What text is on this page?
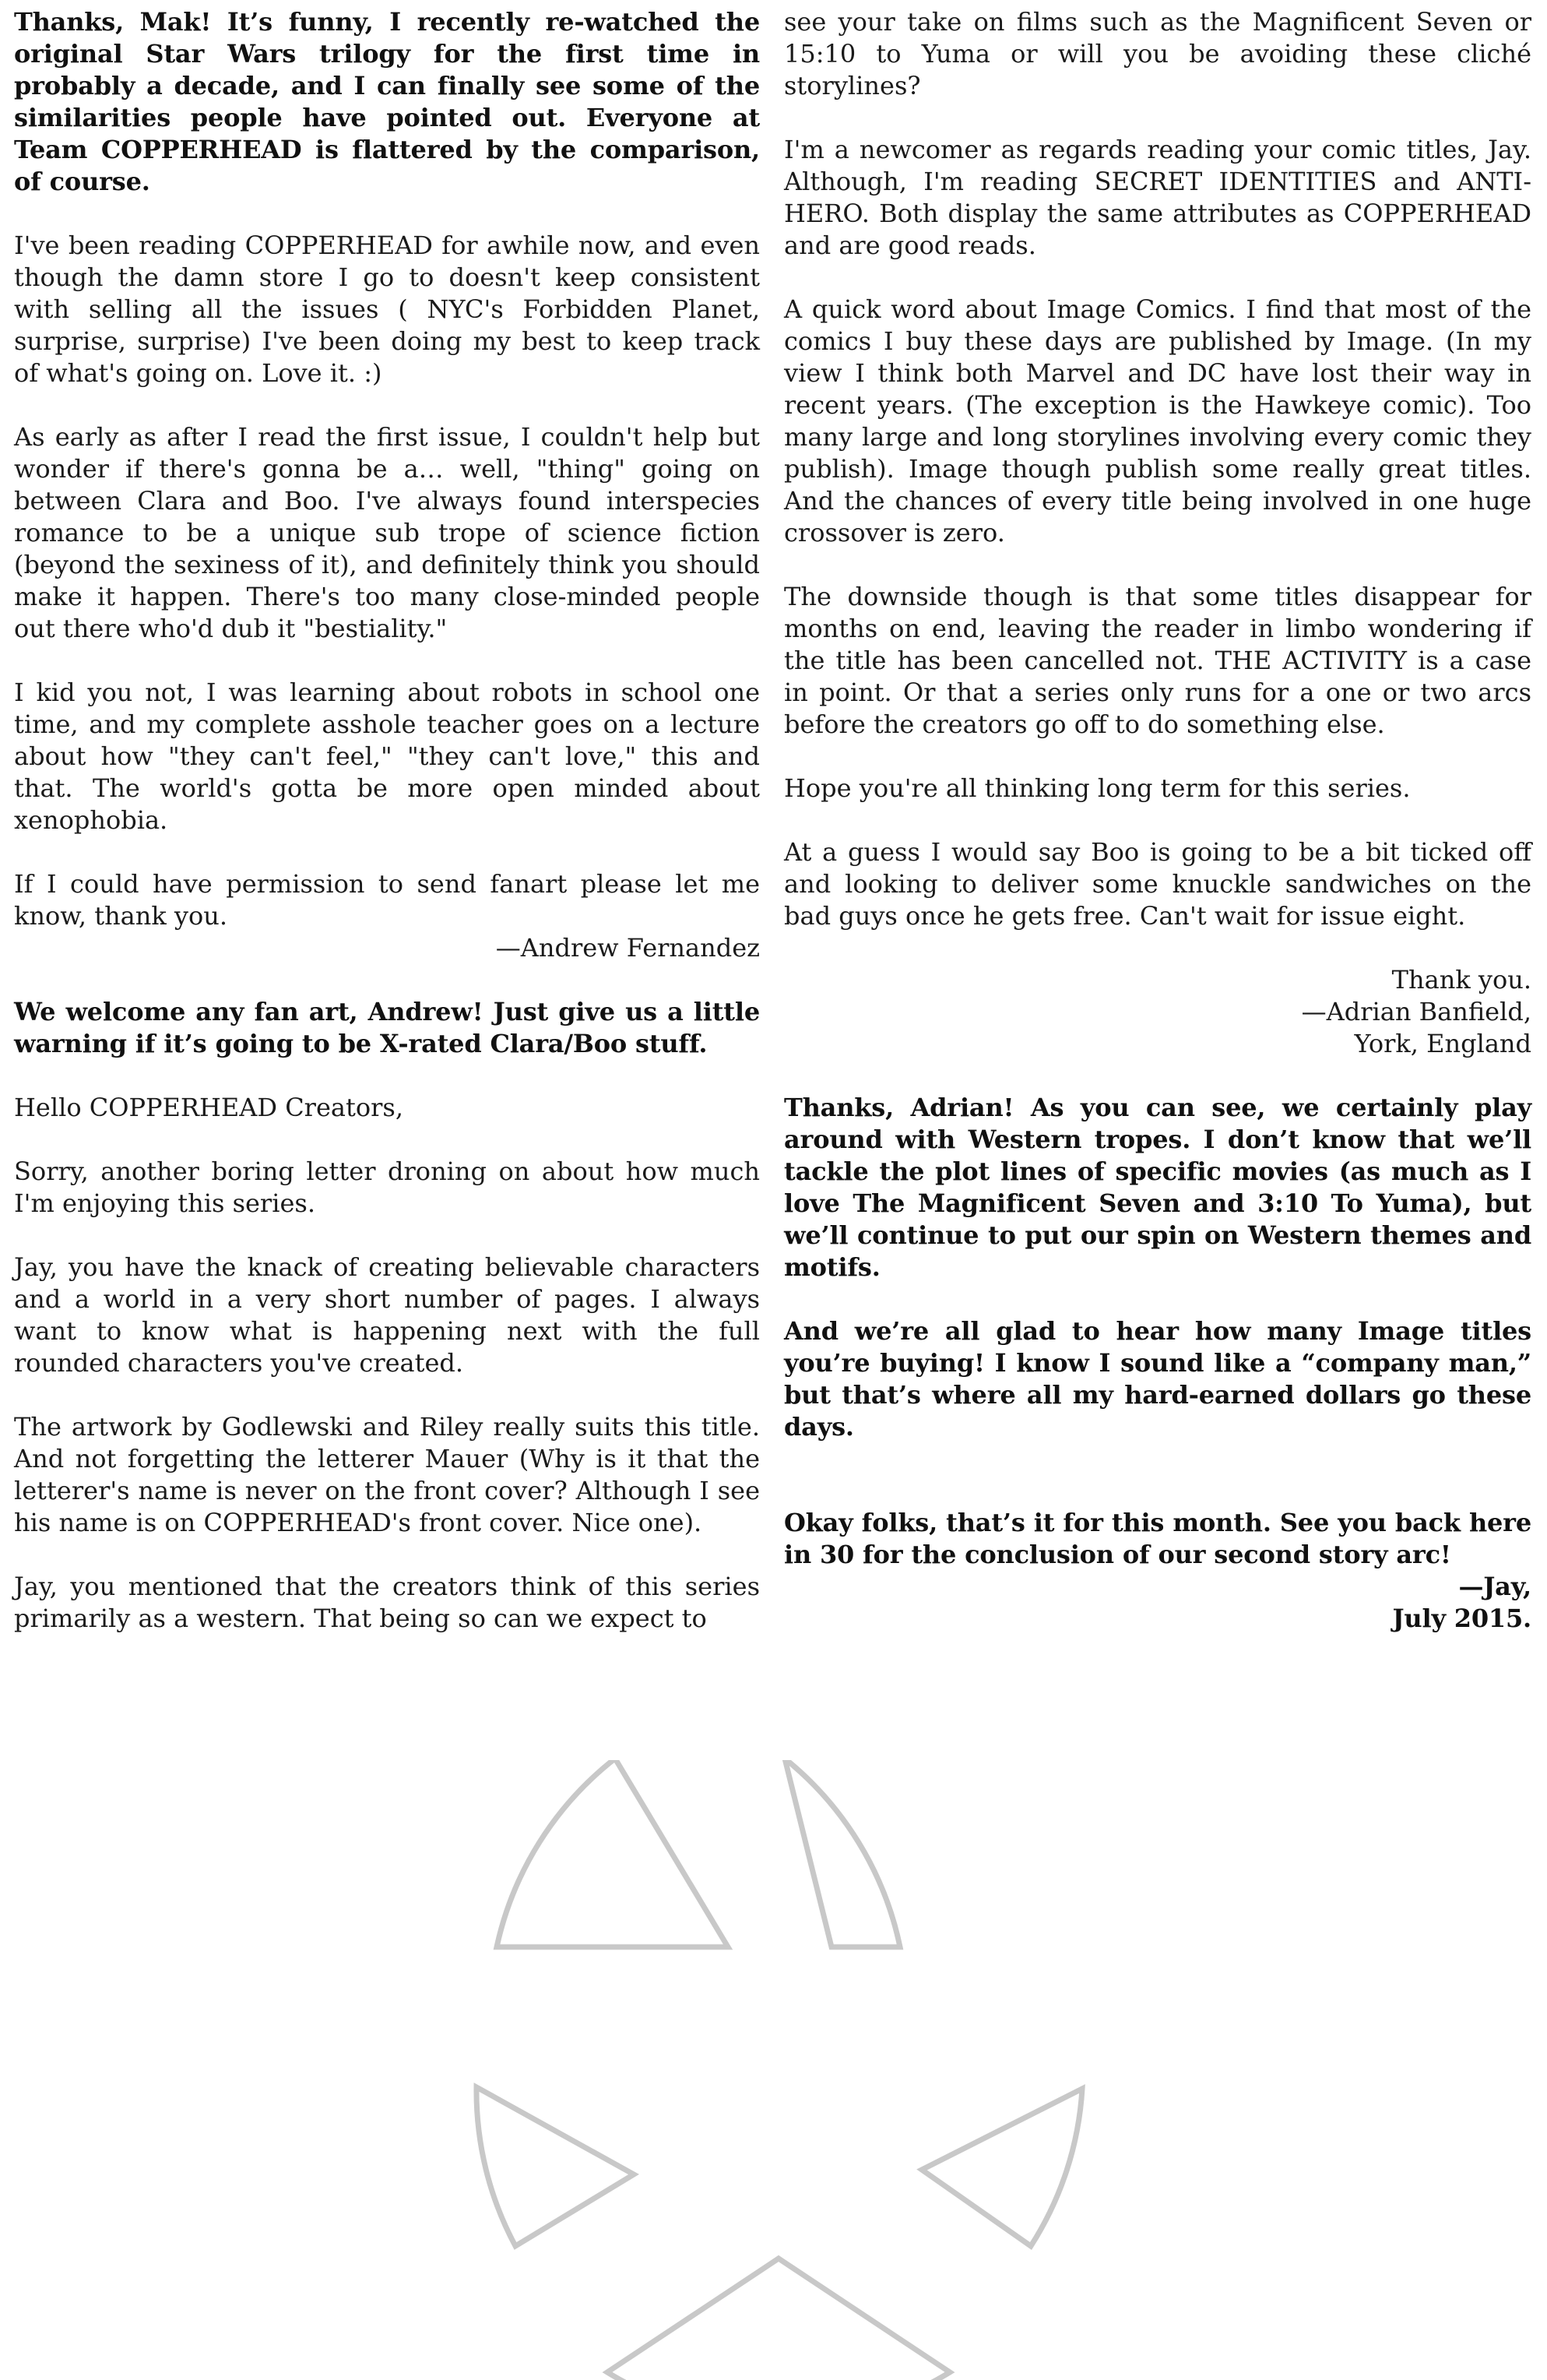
Thanks, Mak! It’s funny, I recently re-watched the original Star Wars trilogy for the first time in probably a decade, and I can finally see some of the similarities people have pointed out. Everyone at Team COPPERHEAD is flattered by the comparison, of course.

I've been reading COPPERHEAD for awhile now, and even though the damn store I go to doesn't keep consistent with selling all the issues ( NYC's Forbidden Planet, surprise, surprise) I've been doing my best to keep track of what's going on. Love it. :)

As early as after I read the first issue, I couldn't help but wonder if there's gonna be a… well, "thing" going on between Clara and Boo. I've always found interspecies romance to be a unique sub trope of science fiction (beyond the sexiness of it), and definitely think you should make it happen. There's too many close-minded people out there who'd dub it "bestiality."

I kid you not, I was learning about robots in school one time, and my complete asshole teacher goes on a lecture about how "they can't feel," "they can't love," this and that. The world's gotta be more open minded about xenophobia.

If I could have permission to send fanart please let me know, thank you.

—Andrew Fernandez

We welcome any fan art, Andrew! Just give us a little warning if it’s going to be X-rated Clara/Boo stuff.

Hello COPPERHEAD Creators,

Sorry, another boring letter droning on about how much I'm enjoying this series.

Jay, you have the knack of creating believable characters and a world in a very short number of pages. I always want to know what is happening next with the full rounded characters you've created.

The artwork by Godlewski and Riley really suits this title. And not forgetting the letterer Mauer (Why is it that the letterer's name is never on the front cover? Although I see his name is on COPPERHEAD's front cover. Nice one).

Jay, you mentioned that the creators think of this series primarily as a western. That being so can we expect to

see your take on films such as the Magnificent Seven or 15:10 to Yuma or will you be avoiding these cliché storylines?

I'm a newcomer as regards reading your comic titles, Jay. Although, I'm reading SECRET IDENTITIES and ANTI-HERO. Both display the same attributes as COPPERHEAD and are good reads.

A quick word about Image Comics. I find that most of the comics I buy these days are published by Image. (In my view I think both Marvel and DC have lost their way in recent years. (The exception is the Hawkeye comic). Too many large and long storylines involving every comic they publish). Image though publish some really great titles. And the chances of every title being involved in one huge crossover is zero.

The downside though is that some titles disappear for months on end, leaving the reader in limbo wondering if the title has been cancelled not. THE ACTIVITY is a case in point. Or that a series only runs for a one or two arcs before the creators go off to do something else.

Hope you're all thinking long term for this series.

At a guess I would say Boo is going to be a bit ticked off and looking to deliver some knuckle sandwiches on the bad guys once he gets free. Can't wait for issue eight.

Thank you.
—Adrian Banfield,
York, England

Thanks, Adrian! As you can see, we certainly play around with Western tropes. I don’t know that we’ll tackle the plot lines of specific movies (as much as I love The Magnificent Seven and 3:10 To Yuma), but we’ll continue to put our spin on Western themes and motifs.

And we’re all glad to hear how many Image titles you’re buying! I know I sound like a “company man,” but that’s where all my hard-earned dollars go these days.

Okay folks, that’s it for this month. See you back here in 30 for the conclusion of our second story arc!

—Jay,
July 2015.
